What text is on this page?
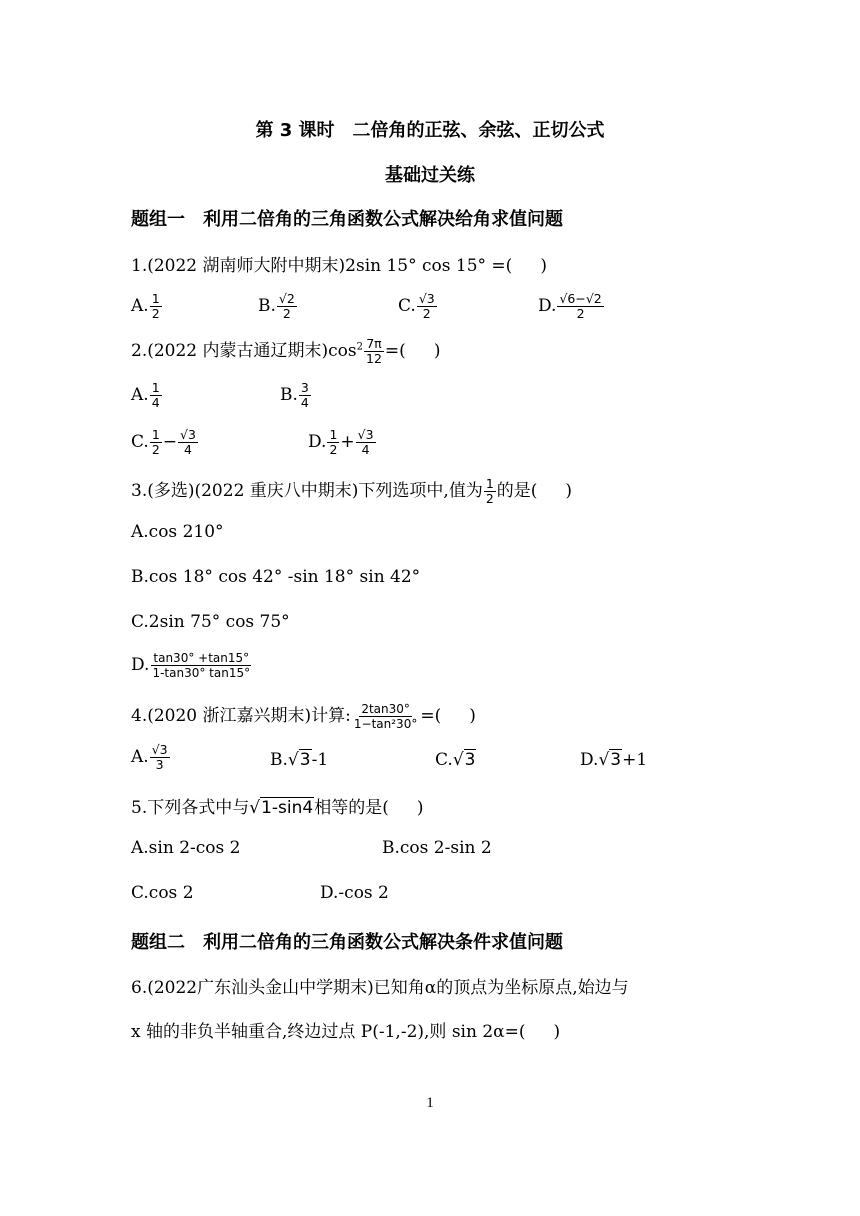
第 3 课时　二倍角的正弦、余弦、正切公式
基础过关练
题组一　利用二倍角的三角函数公式解决给角求值问题
1.(2022 湖南师大附中期末)2sin 15° cos 15° =( )
A. $\frac{1}{2}$	B. $\frac{√2}{2}$	C. $\frac{√3}{2}$	D. $\frac{√6-√2}{2}$
2.(2022 内蒙古通辽期末)$\cos^2 \frac{7\pi}{12}$ =( )
A. $\frac{1}{4}$	B. $\frac{3}{4}$
C. $\frac{1}{2} - \frac{√3}{4}$	D. $\frac{1}{2} + \frac{√3}{4}$
3.(多选)(2022 重庆八中期末)下列选项中,值为 $\frac{1}{2}$ 的是( )
A.cos 210°
B.cos 18° cos 42° -sin 18° sin 42°
C.2sin 75° cos 75°
D. $\frac{\tan 30^\circ +\tan 15^\circ}{1-\tan 30^\circ \tan 15^\circ}$
4.(2020 浙江嘉兴期末)计算: $\frac{2\tan 30^\circ}{\text{1−tan²30°}}$ =( )
A. $\frac{√3}{3}$	B.√3-1	C.√3	D.√3+1
5.下列各式中与√1-sin4相等的是( )
A.sin 2-cos 2	B.cos 2-sin 2
C.cos 2	D.-cos 2
题组二　利用二倍角的三角函数公式解决条件求值问题
6.(2022广东汕头金山中学期末)已知角α的顶点为坐标原点,始边与
x 轴的非负半轴重合,终边过点 P(-1,-2),则 sin 2α=( )
1
